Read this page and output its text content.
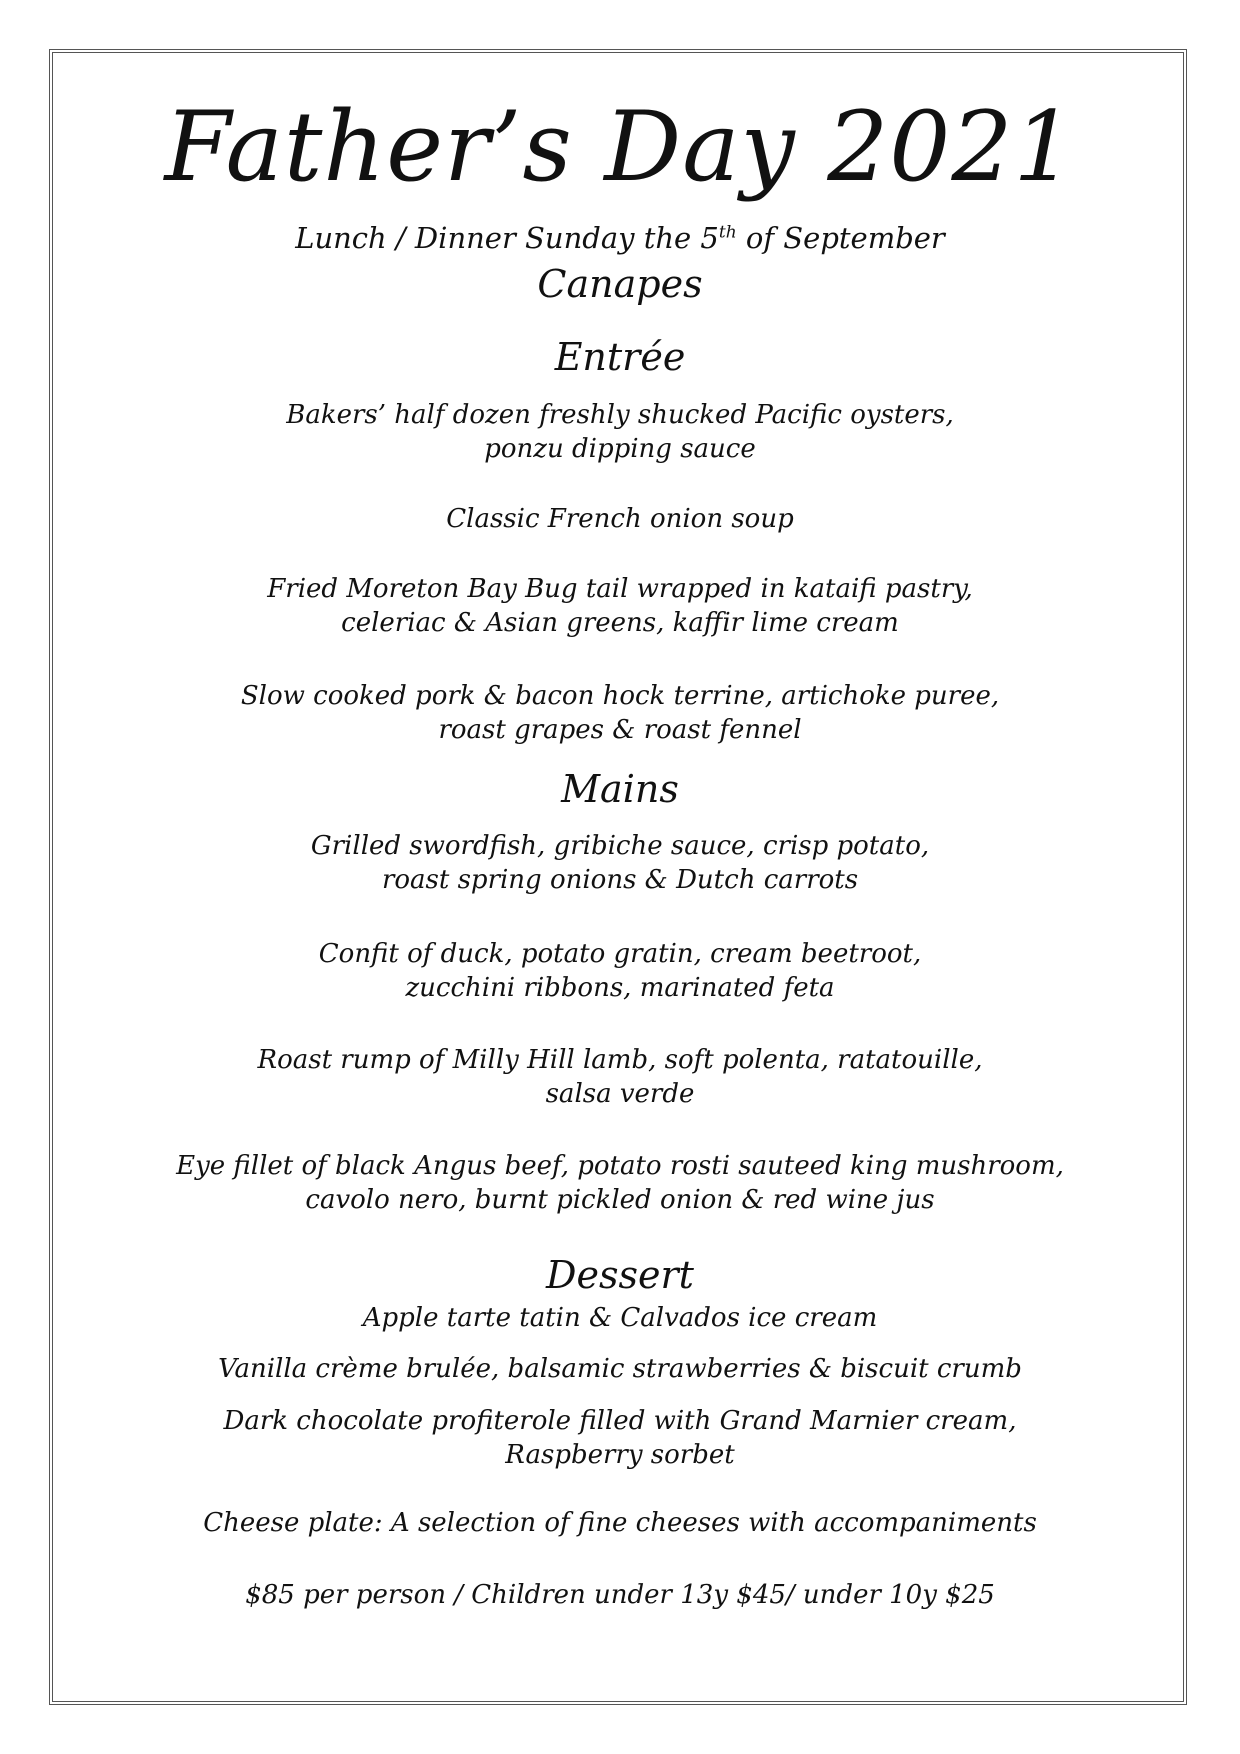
Father’s Day 2021
Lunch / Dinner Sunday the 5th of September
Canapes
Entrée
Bakers’ half dozen freshly shucked Pacific oysters,
ponzu dipping sauce
Classic French onion soup
Fried Moreton Bay Bug tail wrapped in kataifi pastry,
celeriac & Asian greens, kaffir lime cream
Slow cooked pork & bacon hock terrine, artichoke puree,
roast grapes & roast fennel
Mains
Grilled swordfish, gribiche sauce, crisp potato,
roast spring onions & Dutch carrots
Confit of duck, potato gratin, cream beetroot,
zucchini ribbons, marinated feta
Roast rump of Milly Hill lamb, soft polenta, ratatouille,
salsa verde
Eye fillet of black Angus beef, potato rosti sauteed king mushroom,
cavolo nero, burnt pickled onion & red wine jus
Dessert
Apple tarte tatin & Calvados ice cream
Vanilla crème brulée, balsamic strawberries & biscuit crumb
Dark chocolate profiterole filled with Grand Marnier cream,
Raspberry sorbet
Cheese plate: A selection of fine cheeses with accompaniments
$85 per person / Children under 13y $45/ under 10y $25
